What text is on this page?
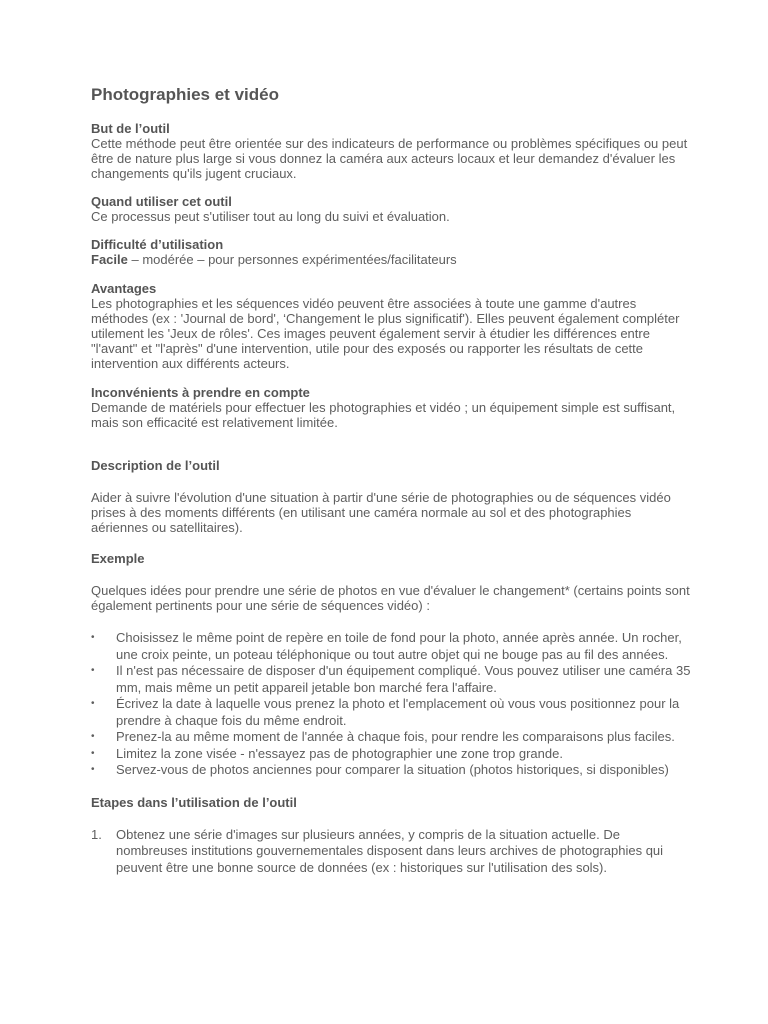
Photographies et vidéo
But de l’outil

Cette méthode peut être orientée sur des indicateurs de performance ou problèmes spécifiques ou peut être de nature plus large si vous donnez la caméra aux acteurs locaux et leur demandez d'évaluer les changements qu'ils jugent cruciaux.

Quand utiliser cet outil

Ce processus peut s'utiliser tout au long du suivi et évaluation.

Difficulté d’utilisation

Facile – modérée – pour personnes expérimentées/facilitateurs

Avantages

Les photographies et les séquences vidéo peuvent être associées à toute une gamme d'autres méthodes (ex : 'Journal de bord', ‘Changement le plus significatif'). Elles peuvent également compléter utilement les 'Jeux de rôles'. Ces images peuvent également servir à étudier les différences entre "l'avant" et "l'après" d'une intervention, utile pour des exposés ou rapporter les résultats de cette intervention aux différents acteurs.

Inconvénients à prendre en compte

Demande de matériels pour effectuer les photographies et vidéo ; un équipement simple est suffisant, mais son efficacité est relativement limitée.

Description de l’outil

Aider à suivre l'évolution d'une situation à partir d'une série de photographies ou de séquences vidéo prises à des moments différents (en utilisant une caméra normale au sol et des photographies aériennes ou satellitaires).

Exemple

Quelques idées pour prendre une série de photos en vue d'évaluer le changement* (certains points sont également pertinents pour une série de séquences vidéo) :

•	Choisissez le même point de repère en toile de fond pour la photo, année après année. Un rocher, une croix peinte, un poteau téléphonique ou tout autre objet qui ne bouge pas au fil des années.
•	Il n'est pas nécessaire de disposer d'un équipement compliqué. Vous pouvez utiliser une caméra 35 mm, mais même un petit appareil jetable bon marché fera l'affaire.
•	Écrivez la date à laquelle vous prenez la photo et l'emplacement où vous vous positionnez pour la prendre à chaque fois du même endroit.
•	Prenez-la au même moment de l'année à chaque fois, pour rendre les comparaisons plus faciles.
•	Limitez la zone visée - n'essayez pas de photographier une zone trop grande.
•	Servez-vous de photos anciennes pour comparer la situation (photos historiques, si disponibles)
Etapes dans l’utilisation de l’outil
1. Obtenez une série d'images sur plusieurs années, y compris de la situation actuelle. De nombreuses institutions gouvernementales disposent dans leurs archives de photographies qui peuvent être une bonne source de données (ex : historiques sur l'utilisation des sols).
